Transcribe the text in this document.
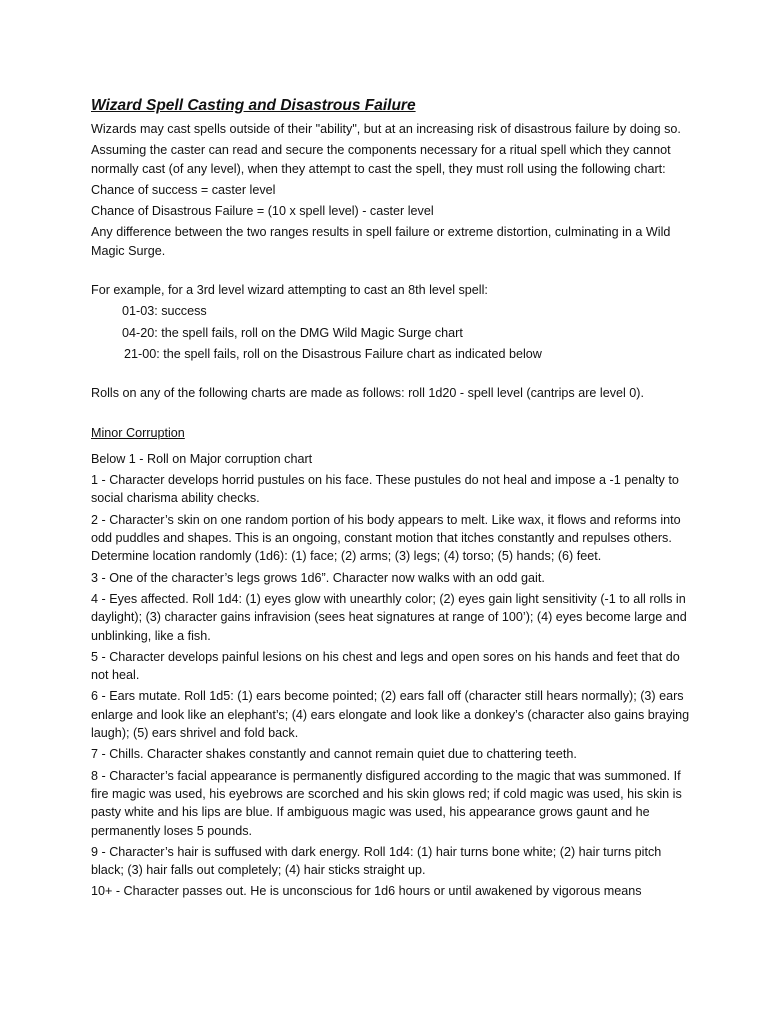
Wizard Spell Casting and Disastrous Failure

Wizards may cast spells outside of their "ability", but at an increasing risk of disastrous failure by doing so.

Assuming the caster can read and secure the components necessary for a ritual spell which they cannot normally cast (of any level), when they attempt to cast the spell, they must roll using the following chart:

Chance of success = caster level

Chance of Disastrous Failure = (10 x spell level) - caster level

Any difference between the two ranges results in spell failure or extreme distortion, culminating in a Wild Magic Surge.

For example, for a 3rd level wizard attempting to cast an 8th level spell:

01-03: success
04-20: the spell fails, roll on the DMG Wild Magic Surge chart
21-00: the spell fails, roll on the Disastrous Failure chart as indicated below

Rolls on any of the following charts are made as follows: roll 1d20 - spell level (cantrips are level 0).

Minor Corruption

Below 1 - Roll on Major corruption chart

1 - Character develops horrid pustules on his face. These pustules do not heal and impose a -1 penalty to social charisma ability checks.

2 - Character’s skin on one random portion of his body appears to melt. Like wax, it flows and reforms into odd puddles and shapes. This is an ongoing, constant motion that itches constantly and repulses others. Determine location randomly (1d6): (1) face; (2) arms; (3) legs; (4) torso; (5) hands; (6) feet.

3 - One of the character’s legs grows 1d6”. Character now walks with an odd gait.

4 - Eyes affected. Roll 1d4: (1) eyes glow with unearthly color; (2) eyes gain light sensitivity (-1 to all rolls in daylight); (3) character gains infravision (sees heat signatures at range of 100’); (4) eyes become large and unblinking, like a fish.

5 - Character develops painful lesions on his chest and legs and open sores on his hands and feet that do not heal.

6 - Ears mutate. Roll 1d5: (1) ears become pointed; (2) ears fall off (character still hears normally); (3) ears enlarge and look like an elephant’s; (4) ears elongate and look like a donkey’s (character also gains braying laugh); (5) ears shrivel and fold back.

7 - Chills. Character shakes constantly and cannot remain quiet due to chattering teeth.

8 - Character’s facial appearance is permanently disfigured according to the magic that was summoned. If fire magic was used, his eyebrows are scorched and his skin glows red; if cold magic was used, his skin is pasty white and his lips are blue. If ambiguous magic was used, his appearance grows gaunt and he permanently loses 5 pounds.

9 - Character’s hair is suffused with dark energy. Roll 1d4: (1) hair turns bone white; (2) hair turns pitch black; (3) hair falls out completely; (4) hair sticks straight up.

10+ - Character passes out. He is unconscious for 1d6 hours or until awakened by vigorous means
